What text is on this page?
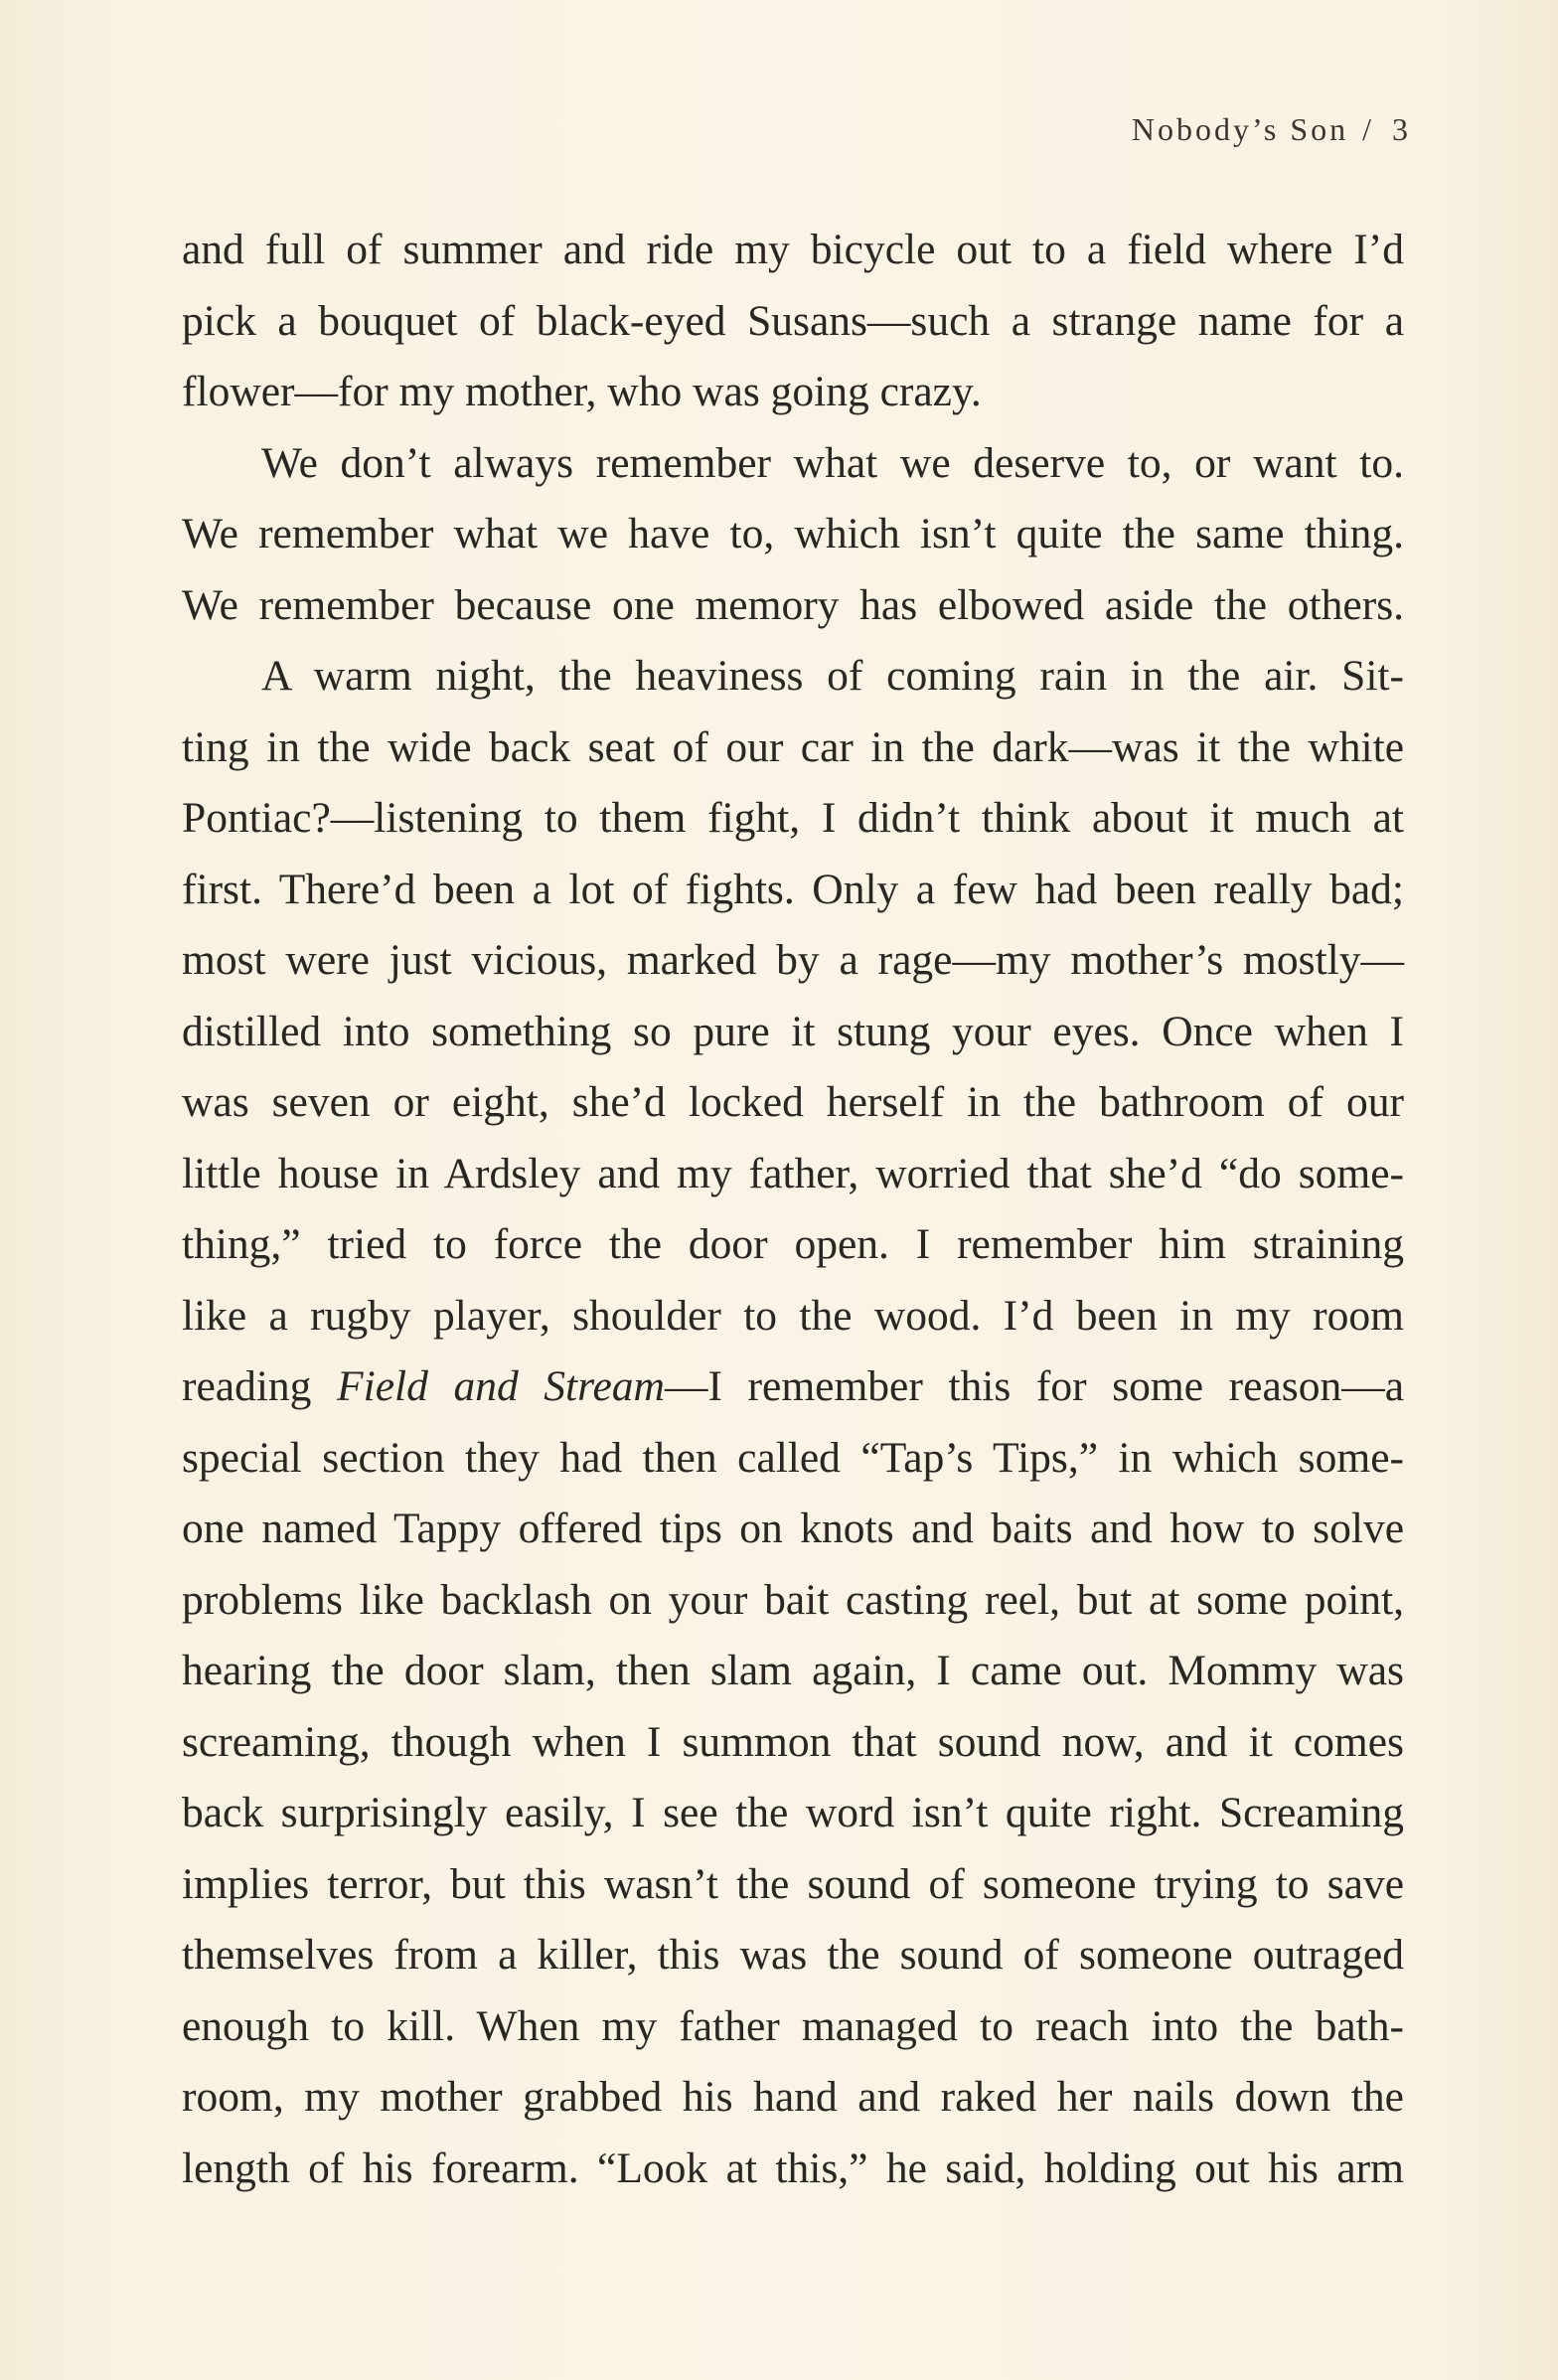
Nobody’s Son / 3
and full of summer and ride my bicycle out to a field where I’d
pick a bouquet of black-eyed Susans—such a strange name for a
flower—for my mother, who was going crazy.
We don’t always remember what we deserve to, or want to.
We remember what we have to, which isn’t quite the same thing.
We remember because one memory has elbowed aside the others.
A warm night, the heaviness of coming rain in the air. Sit-
ting in the wide back seat of our car in the dark—was it the white
Pontiac?—listening to them fight, I didn’t think about it much at
first. There’d been a lot of fights. Only a few had been really bad;
most were just vicious, marked by a rage—my mother’s mostly—
distilled into something so pure it stung your eyes. Once when I
was seven or eight, she’d locked herself in the bathroom of our
little house in Ardsley and my father, worried that she’d “do some-
thing,” tried to force the door open. I remember him straining
like a rugby player, shoulder to the wood. I’d been in my room
reading Field and Stream—I remember this for some reason—a
special section they had then called “Tap’s Tips,” in which some-
one named Tappy offered tips on knots and baits and how to solve
problems like backlash on your bait casting reel, but at some point,
hearing the door slam, then slam again, I came out. Mommy was
screaming, though when I summon that sound now, and it comes
back surprisingly easily, I see the word isn’t quite right. Screaming
implies terror, but this wasn’t the sound of someone trying to save
themselves from a killer, this was the sound of someone outraged
enough to kill. When my father managed to reach into the bath-
room, my mother grabbed his hand and raked her nails down the
length of his forearm. “Look at this,” he said, holding out his arm
